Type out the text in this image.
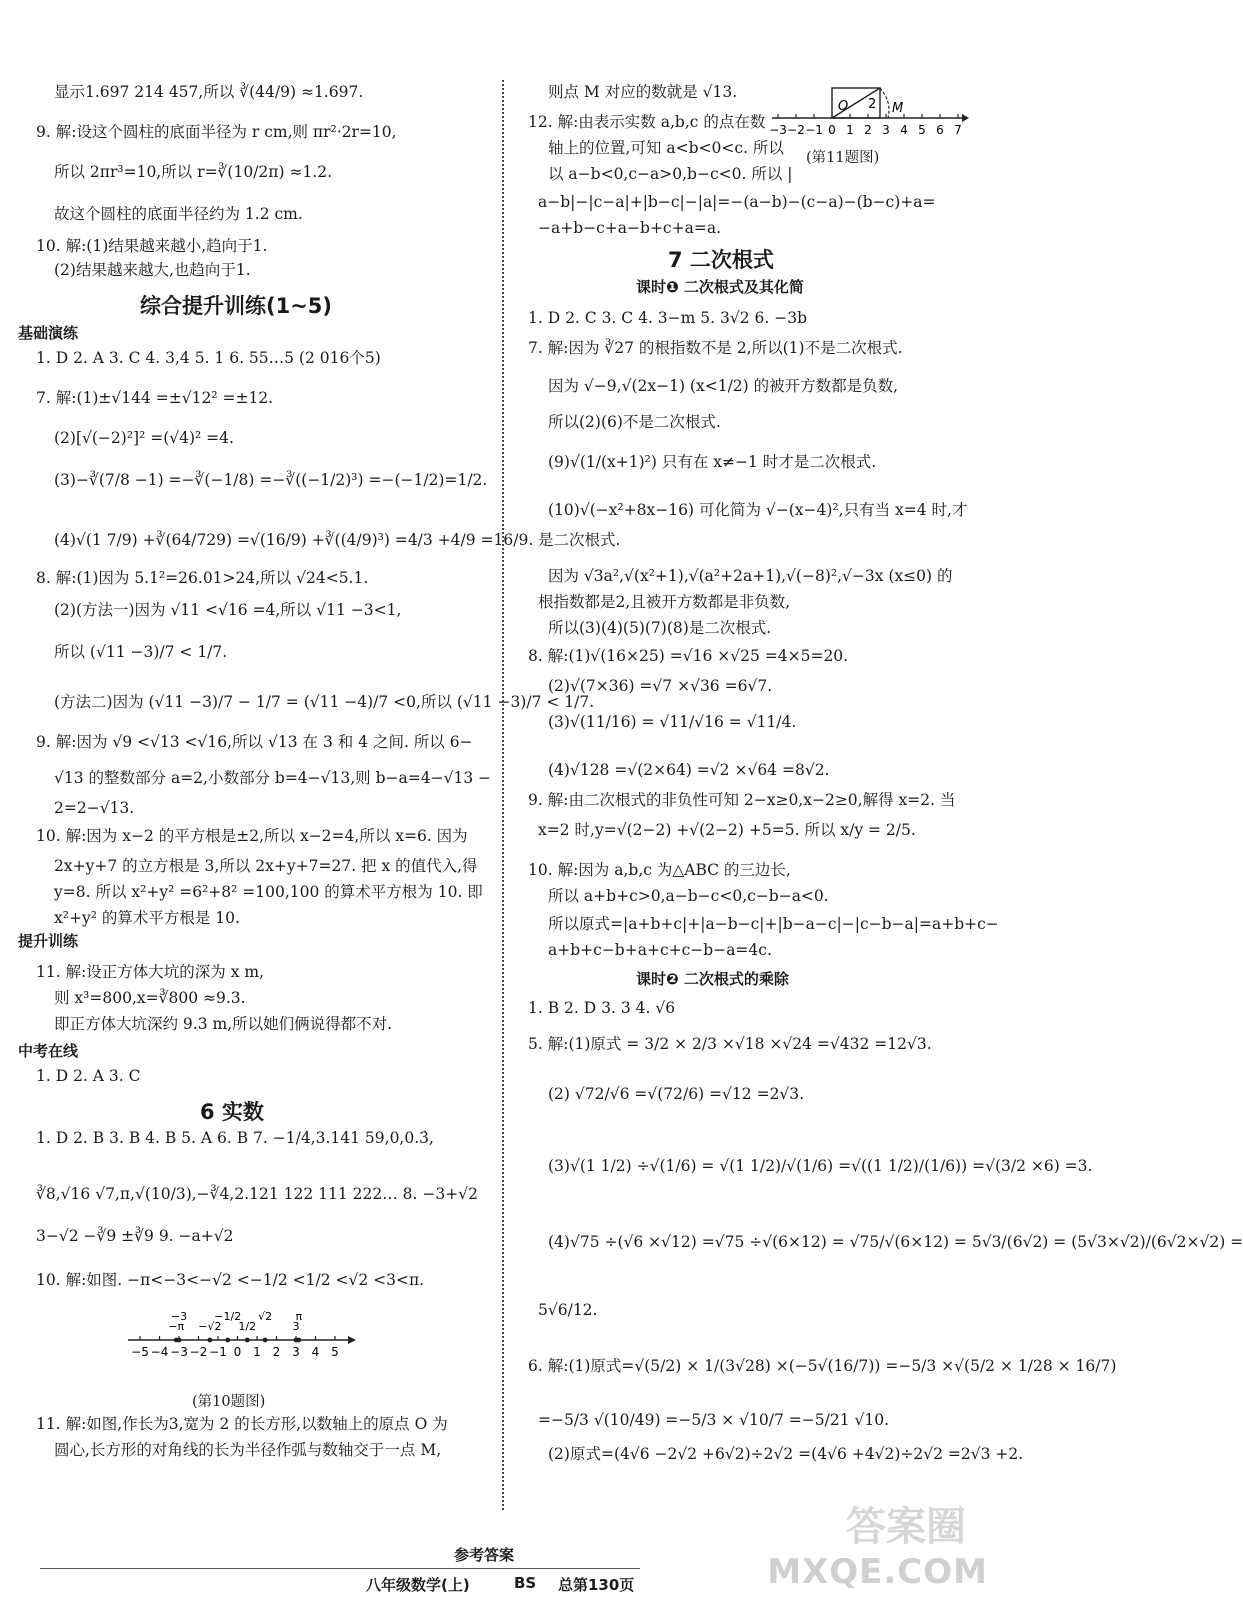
显示1.697 214 457,所以 ∛(44/9) ≈1.697.
9. 解:设这个圆柱的底面半径为 r cm,则 πr²·2r=10,
所以 2πr³=10,所以 r=∛(10/2π) ≈1.2.
故这个圆柱的底面半径约为 1.2 cm.
10. 解:(1)结果越来越小,趋向于1.
(2)结果越来越大,也趋向于1.
1. D 2. A 3. C 4. 3,4 5. 1 6. 55…5 (2 016个5)
7. 解:(1)±√144 =±√12² =±12.
(2)[√(−2)²]² =(√4)² =4.
(3)−∛(7/8 −1) =−∛(−1/8) =−∛((−1/2)³) =−(−1/2)=1/2.
(4)√(1 7/9) +∛(64/729) =√(16/9) +∛((4/9)³) =4/3 +4/9 =16/9.
8. 解:(1)因为 5.1²=26.01>24,所以 √24<5.1.
(2)(方法一)因为 √11 <√16 =4,所以 √11 −3<1,
所以 (√11 −3)/7 < 1/7.
(方法二)因为 (√11 −3)/7 − 1/7 = (√11 −4)/7 <0,所以 (√11 −3)/7 < 1/7.
9. 解:因为 √9 <√13 <√16,所以 √13 在 3 和 4 之间. 所以 6−
√13 的整数部分 a=2,小数部分 b=4−√13,则 b−a=4−√13 −
2=2−√13.
10. 解:因为 x−2 的平方根是±2,所以 x−2=4,所以 x=6. 因为
2x+y+7 的立方根是 3,所以 2x+y+7=27. 把 x 的值代入,得
y=8. 所以 x²+y² =6²+8² =100,100 的算术平方根为 10. 即
x²+y² 的算术平方根是 10.
11. 解:设正方体大坑的深为 x m,
则 x³=800,x=∛800 ≈9.3.
即正方体大坑深约 9.3 m,所以她们俩说得都不对.
1. D 2. A 3. C
1. D 2. B 3. B 4. B 5. A 6. B 7. −1/4,3.141 59,0,0.3̇,
∛8,√16 √7,π,√(10/3),−∛4,2.121 122 111 222… 8. −3+√2
3−√2 −∛9 ±∛9 9. −a+√2
10. 解:如图. −π<−3<−√2 <−1/2 <1/2 <√2 <3<π.
11. 解:如图,作长为3,宽为 2 的长方形,以数轴上的原点 O 为
圆心,长方形的对角线的长为半径作弧与数轴交于一点 M,
则点 M 对应的数就是 √13.
12. 解:由表示实数 a,b,c 的点在数
轴上的位置,可知 a<b<0<c. 所以
以 a−b<0,c−a>0,b−c<0. 所以 |
a−b|−|c−a|+|b−c|−|a|=−(a−b)−(c−a)−(b−c)+a=
−a+b−c+a−b+c+a=a.
1. D 2. C 3. C 4. 3−m 5. 3√2 6. −3b
7. 解:因为 ∛27 的根指数不是 2,所以(1)不是二次根式.
因为 √−9,√(2x−1) (x<1/2) 的被开方数都是负数,
所以(2)(6)不是二次根式.
(9)√(1/(x+1)²) 只有在 x≠−1 时才是二次根式.
(10)√(−x²+8x−16) 可化简为 √−(x−4)²,只有当 x=4 时,才
是二次根式.
因为 √3a²,√(x²+1),√(a²+2a+1),√(−8)²,√−3x (x≤0) 的
根指数都是2,且被开方数都是非负数,
所以(3)(4)(5)(7)(8)是二次根式.
8. 解:(1)√(16×25) =√16 ×√25 =4×5=20.
(2)√(7×36) =√7 ×√36 =6√7.
(3)√(11/16) = √11/√16 = √11/4.
(4)√128 =√(2×64) =√2 ×√64 =8√2.
9. 解:由二次根式的非负性可知 2−x≥0,x−2≥0,解得 x=2. 当
x=2 时,y=√(2−2) +√(2−2) +5=5. 所以 x/y = 2/5.
10. 解:因为 a,b,c 为△ABC 的三边长,
所以 a+b+c>0,a−b−c<0,c−b−a<0.
所以原式=|a+b+c|+|a−b−c|+|b−a−c|−|c−b−a|=a+b+c−
a+b+c−b+a+c+c−b−a=4c.
1. B 2. D 3. 3 4. √6
5. 解:(1)原式 = 3/2 × 2/3 ×√18 ×√24 =√432 =12√3.
(2) √72/√6 =√(72/6) =√12 =2√3.
(3)√(1 1/2) ÷√(1/6) = √(1 1/2)/√(1/6) =√((1 1/2)/(1/6)) =√(3/2 ×6) =3.
(4)√75 ÷(√6 ×√12) =√75 ÷√(6×12) = √75/√(6×12) = 5√3/(6√2) = (5√3×√2)/(6√2×√2) =
5√6/12.
6. 解:(1)原式=√(5/2) × 1/(3√28) ×(−5√(16/7)) =−5/3 ×√(5/2 × 1/28 × 16/7)
=−5/3 √(10/49) =−5/3 × √10/7 =−5/21 √10.
(2)原式=(4√6 −2√2 +6√2)÷2√2 =(4√6 +4√2)÷2√2 =2√3 +2.
综合提升训练(1~5)
基础演练
提升训练
中考在线
6 实数
−5 −4 −3 −2 −1 0 1 2 3 4 5
−π
−3
−√2
−1/2
1/2
√2
3
π
(第10题图)
−3 −2 −1 0 1 2 3 4 5 6 7
O 2 M
(第11题图)
7 二次根式
课时❶ 二次根式及其化简
课时❷ 二次根式的乘除
参考答案
八年级数学(上)	BS 总第130页
答案圈
MXQE.COM
